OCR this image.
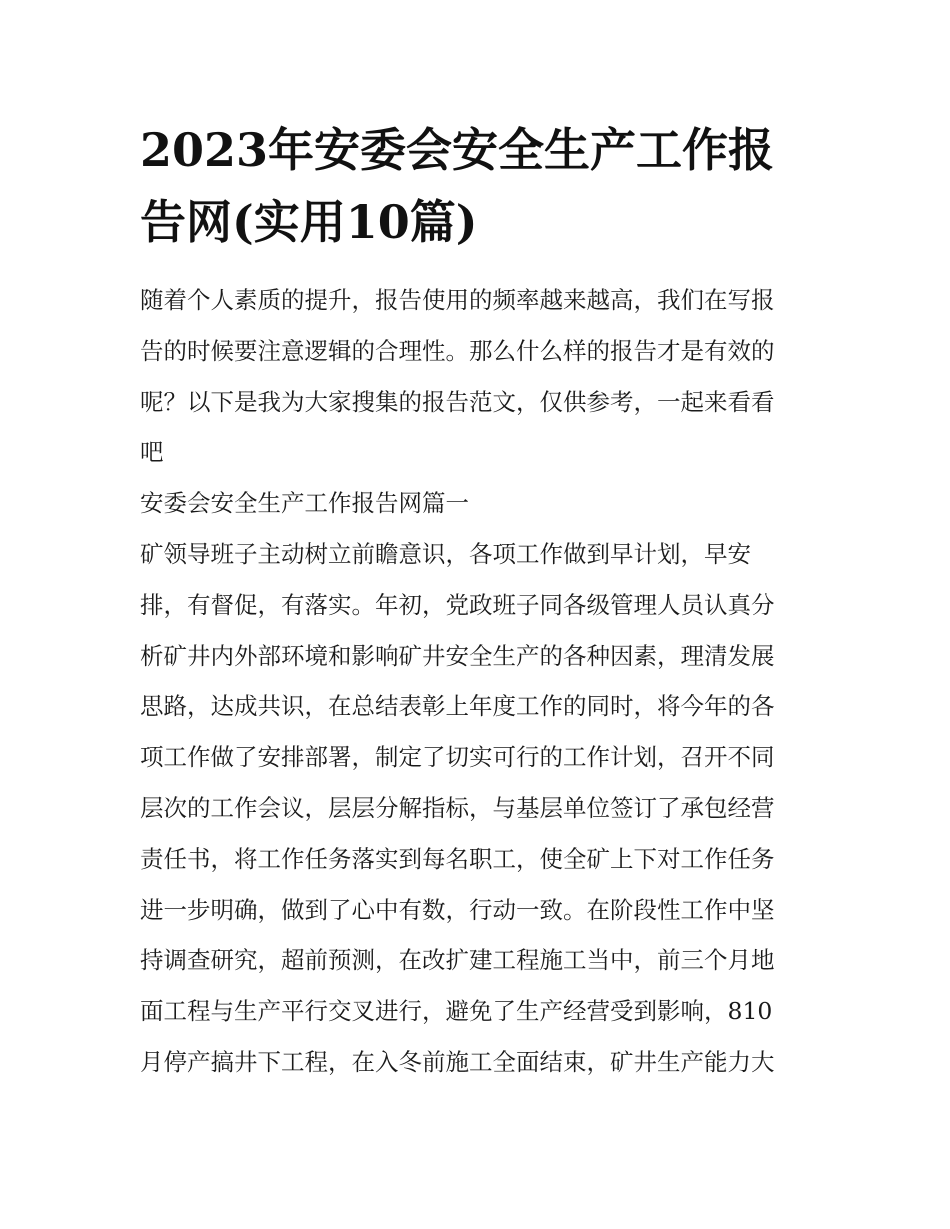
2023年安委会安全生产工作报告网(实用10篇)

随着个人素质的提升，报告使用的频率越来越高，我们在写报

告的时候要注意逻辑的合理性。那么什么样的报告才是有效的

呢？以下是我为大家搜集的报告范文，仅供参考，一起来看看

吧

安委会安全生产工作报告网篇一

矿领导班子主动树立前瞻意识，各项工作做到早计划，早安

排，有督促，有落实。年初，党政班子同各级管理人员认真分

析矿井内外部环境和影响矿井安全生产的各种因素，理清发展

思路，达成共识，在总结表彰上年度工作的同时，将今年的各

项工作做了安排部署，制定了切实可行的工作计划，召开不同

层次的工作会议，层层分解指标，与基层单位签订了承包经营

责任书，将工作任务落实到每名职工，使全矿上下对工作任务

进一步明确，做到了心中有数，行动一致。在阶段性工作中坚

持调查研究，超前预测，在改扩建工程施工当中，前三个月地

面工程与生产平行交叉进行，避免了生产经营受到影响，810

月停产搞井下工程，在入冬前施工全面结束，矿井生产能力大
